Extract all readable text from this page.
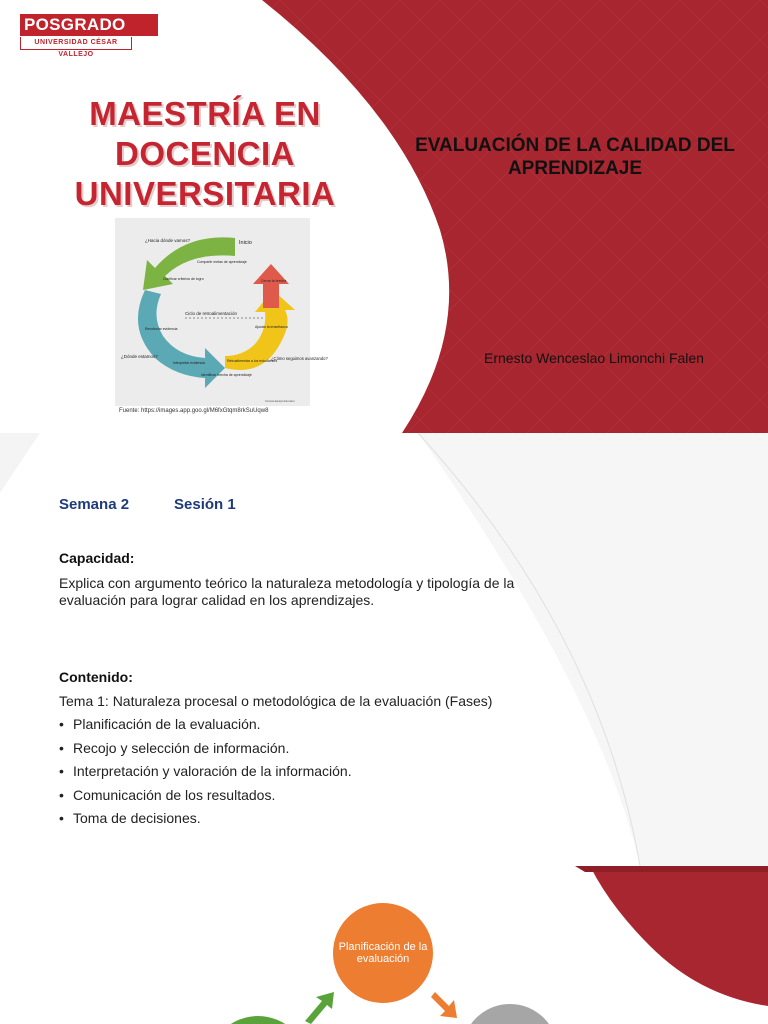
POSGRADO
UNIVERSIDAD CÉSAR VALLEJO
MAESTRÍA EN DOCENCIA UNIVERSITARIA
EVALUACIÓN DE LA CALIDAD DEL APRENDIZAJE
Ernesto Wenceslao Limonchi Falen
Ciclo de retroalimentación
Inicio
¿Hacia dónde vamos?
Compartir metas de aprendizaje
Clarificar criterios de logro
Recolectar evidencia
¿Dónde estamos?
Interpretar evidencia
Identificar brecha de aprendizaje
Retroalimentar a los estudiantes
Ajustar la enseñanza
Cerrar la brecha
¿Cómo seguimos avanzando?
Cortesía Equipo Educativo
Fuente: https://images.app.goo.gl/M6fxGtqm8rkSuUqw8
Semana 2	Sesión 1
Capacidad:
Explica con argumento teórico la naturaleza metodología y tipología de la evaluación para lograr calidad en los aprendizajes.
Contenido:
Tema 1: Naturaleza procesal o metodológica de la evaluación (Fases)
• Planificación de la evaluación.
• Recojo y selección de información.
• Interpretación y valoración de la información.
• Comunicación de los resultados.
• Toma de decisiones.
Planificación de la evaluación
